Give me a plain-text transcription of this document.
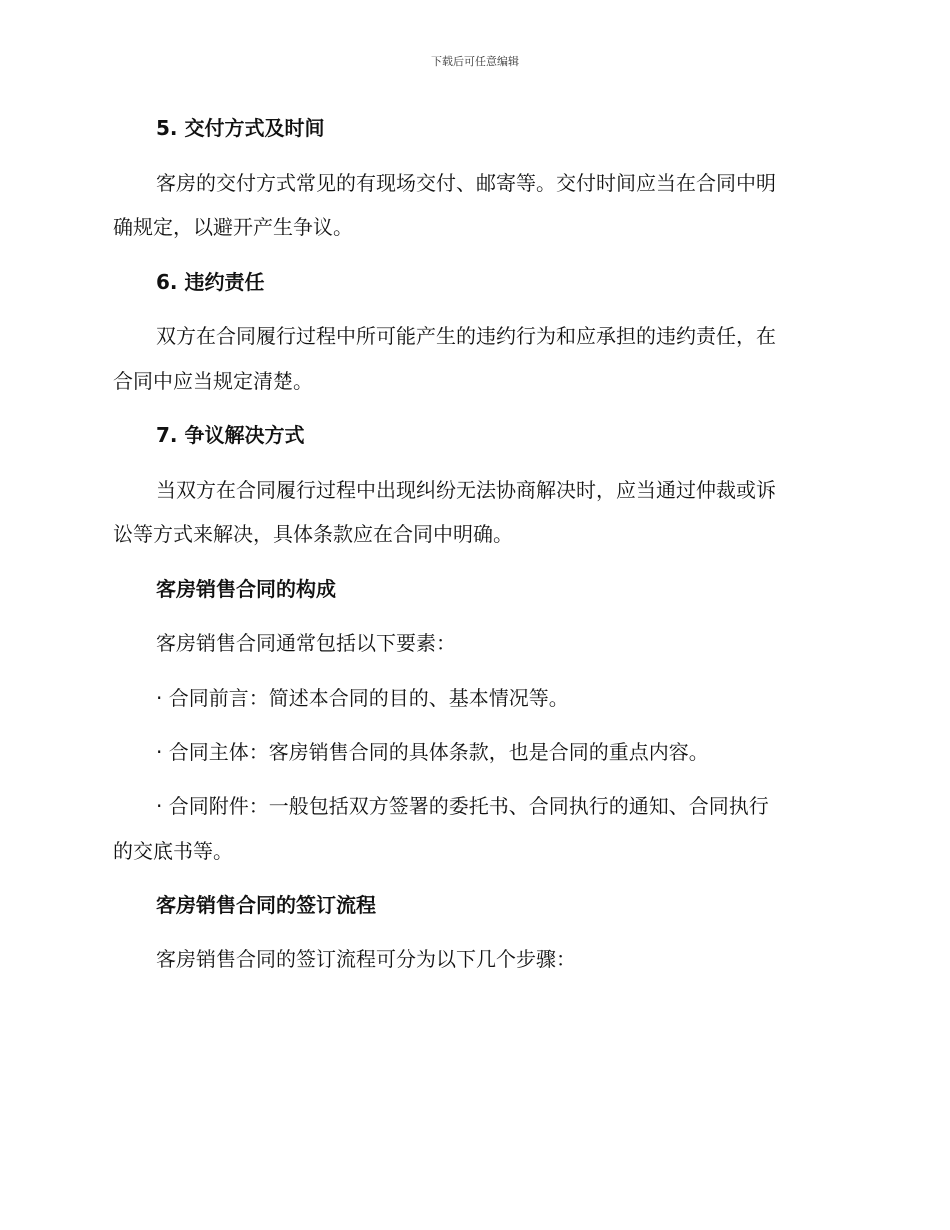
下载后可任意编辑
5. 交付方式及时间
客房的交付方式常见的有现场交付、邮寄等。交付时间应当在合同中明
确规定，以避开产生争议。
6. 违约责任
双方在合同履行过程中所可能产生的违约行为和应承担的违约责任，在
合同中应当规定清楚。
7. 争议解决方式
当双方在合同履行过程中出现纠纷无法协商解决时，应当通过仲裁或诉
讼等方式来解决，具体条款应在合同中明确。
客房销售合同的构成
客房销售合同通常包括以下要素：
· 合同前言：简述本合同的目的、基本情况等。
· 合同主体：客房销售合同的具体条款，也是合同的重点内容。
· 合同附件：一般包括双方签署的委托书、合同执行的通知、合同执行
的交底书等。
客房销售合同的签订流程
客房销售合同的签订流程可分为以下几个步骤：
